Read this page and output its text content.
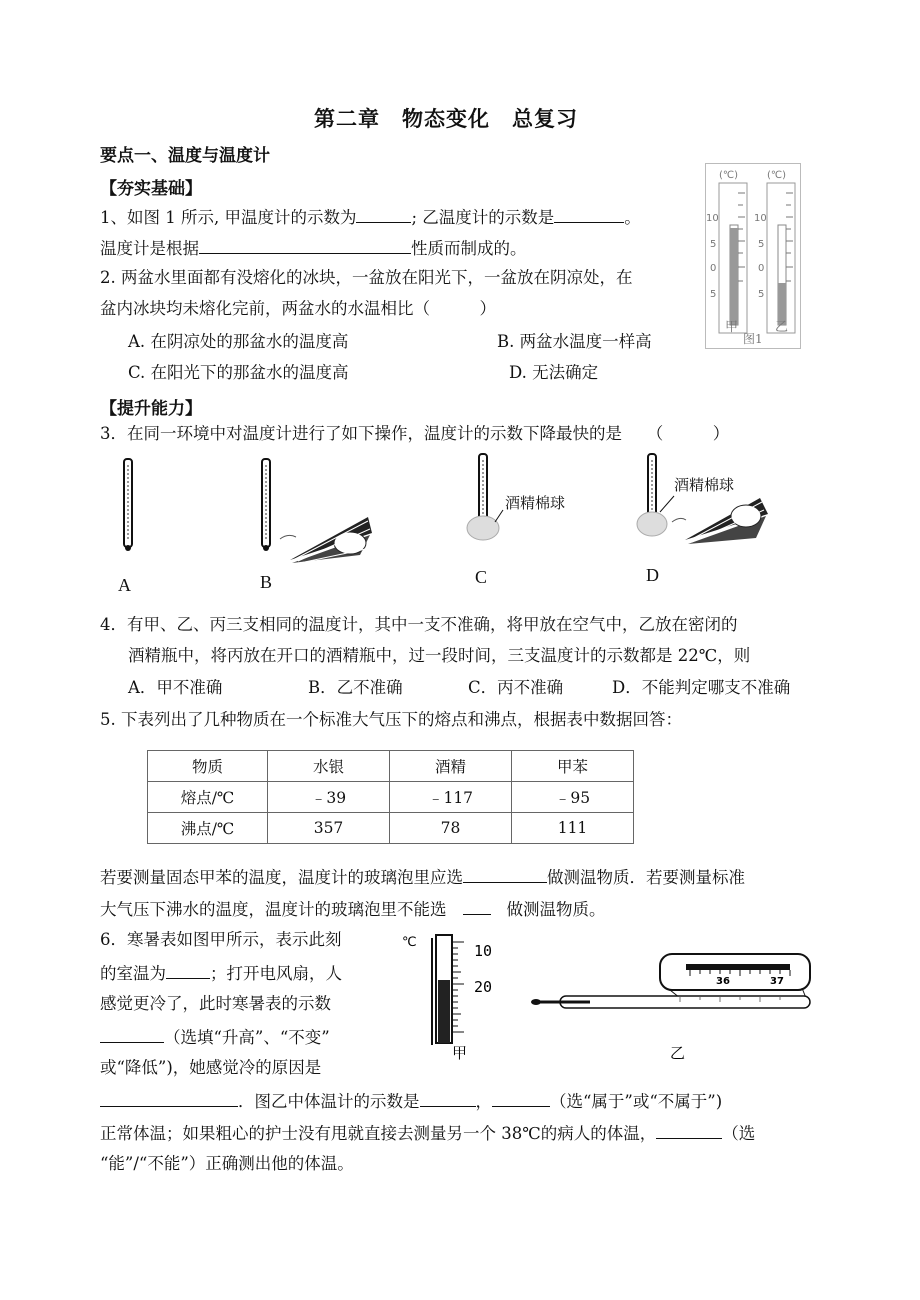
第二章　物态变化　总复习
要点一、温度与温度计
【夯实基础】
1、如图 1 所示, 甲温度计的示数为	; 乙温度计的示数是	。
温度计是根据	性质而制成的。
(℃)	(℃)
10
5
0
5
10
5
0
5
甲
图1
乙
2. 两盆水里面都有没熔化的冰块，一盆放在阳光下，一盆放在阴凉处，在
盆内冰块均未熔化完前，两盆水的水温相比（　　　）
A. 在阴凉处的那盆水的温度高	B. 两盆水温度一样高
C. 在阳光下的那盆水的温度高	D. 无法确定
【提升能力】
3．在同一环境中对温度计进行了如下操作，温度计的示数下降最快的是　　（　　　）
A	B
酒精棉球
C
酒精棉球
D
4．有甲、乙、丙三支相同的温度计，其中一支不准确，将甲放在空气中，乙放在密闭的
酒精瓶中，将丙放在开口的酒精瓶中，过一段时间，三支温度计的示数都是 22℃，则
A．甲不准确	B．乙不准确	C．丙不准确	D．不能判定哪支不准确
5. 下表列出了几种物质在一个标准大气压下的熔点和沸点，根据表中数据回答：
物质	水银	酒精	甲苯
熔点/℃	﹣39	﹣117	﹣95
沸点/℃	357	78	111
若要测量固态甲苯的温度，温度计的玻璃泡里应选	做测温物质．若要测量标准
大气压下沸水的温度，温度计的玻璃泡里不能选	做测温物质。
6．寒暑表如图甲所示，表示此刻
的室温为	；打开电风扇，人
感觉更冷了，此时寒暑表的示数
（选填“升高”、“不变”
或“降低”)，她感觉冷的原因是
．图乙中体温计的示数是	，	（选“属于”或“不属于”)
正常体温；如果粗心的护士没有甩就直接去测量另一个 38℃的病人的体温，	（选
“能”/“不能”）正确测出他的体温。
℃	10
20
甲
36	37
乙
